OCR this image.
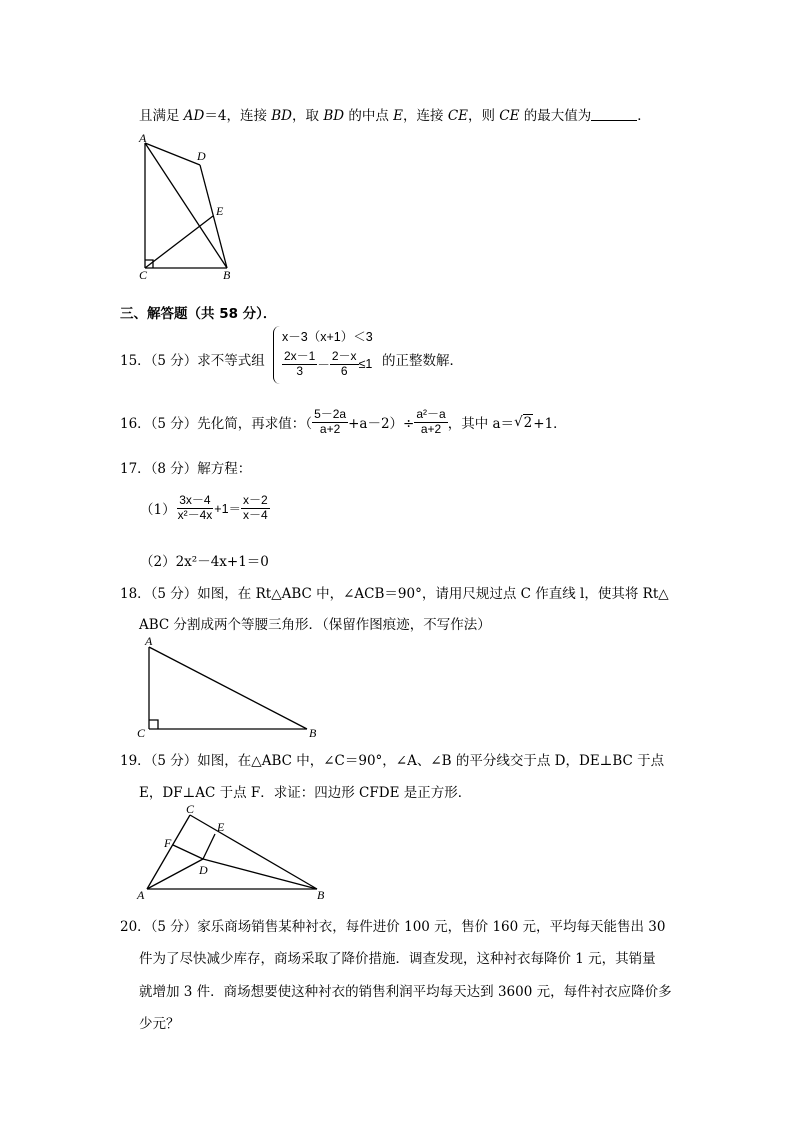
且满足 AD＝4，连接 BD，取 BD 的中点 E，连接 CE，则 CE 的最大值为	．
A
D
E
C	B
三、解答题（共 58 分）．
15．（5 分）求不等式组
x－3（x+1）＜3
$\frac{2x-1}{3} - \frac{2-x}{6} \le 1$ 的正整数解．
16．（5 分）先化简，再求值：（ $\frac{5-2a}{a+2} +a-2)\div \frac{\text{a²－a}}{a+2}$ ，其中 a＝ √ 2 +1．
17．（8 分）解方程：
$(1) \frac{3x-4}{\text{x²－4x}} +1= \frac{x-2}{x-4}$
（2）2x²－4x+1＝0
18．（5 分）如图，在 Rt△ABC 中，∠ACB＝90°，请用尺规过点 C 作直线 l，使其将 Rt△
ABC 分割成两个等腰三角形．（保留作图痕迹，不写作法）
A
C	B
19．（5 分）如图，在△ABC 中，∠C＝90°，∠A、∠B 的平分线交于点 D，DE⊥BC 于点
E，DF⊥AC 于点 F．求证：四边形 CFDE 是正方形．
C
E
F
D
A	B
20．（5 分）家乐商场销售某种衬衣，每件进价 100 元，售价 160 元，平均每天能售出 30
件为了尽快减少库存，商场采取了降价措施．调查发现，这种衬衣每降价 1 元，其销量
就增加 3 件．商场想要使这种衬衣的销售利润平均每天达到 3600 元，每件衬衣应降价多
少元？
